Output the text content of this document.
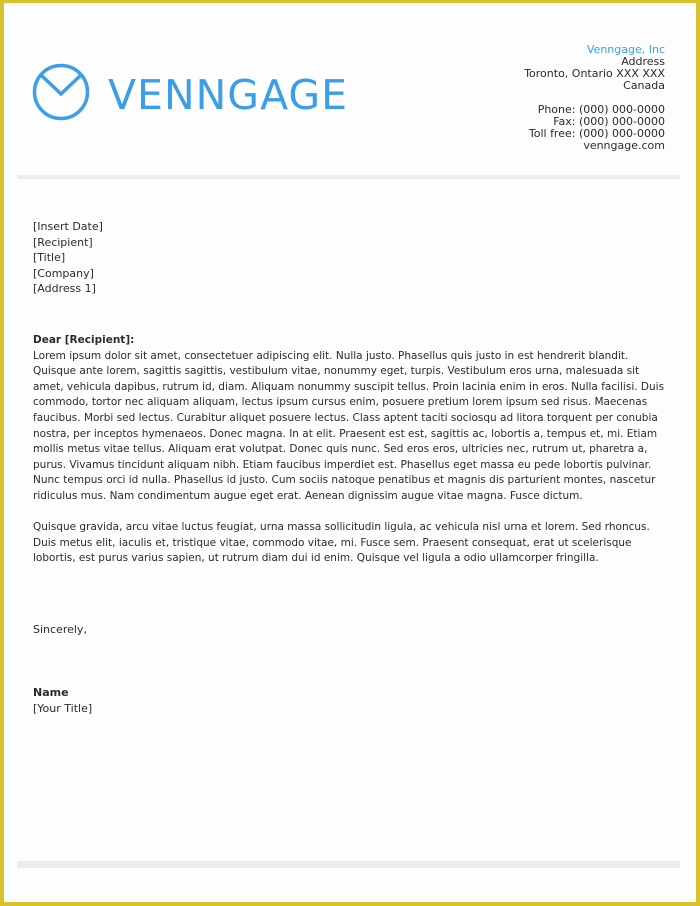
VENNGAGE
Venngage, Inc
Address
Toronto, Ontario XXX XXX
Canada
Phone: (000) 000-0000
Fax: (000) 000-0000
Toll free: (000) 000-0000
venngage.com
[Insert Date]
[Recipient]
[Title]
[Company]
[Address 1]
Dear [Recipient]:

Lorem ipsum dolor sit amet, consectetuer adipiscing elit. Nulla justo. Phasellus quis justo in est hendrerit blandit. Quisque ante lorem, sagittis sagittis, vestibulum vitae, nonummy eget, turpis. Vestibulum eros urna, malesuada sit amet, vehicula dapibus, rutrum id, diam. Aliquam nonummy suscipit tellus. Proin lacinia enim in eros. Nulla facilisi. Duis commodo, tortor nec aliquam aliquam, lectus ipsum cursus enim, posuere pretium lorem ipsum sed risus. Maecenas faucibus. Morbi sed lectus. Curabitur aliquet posuere lectus. Class aptent taciti sociosqu ad litora torquent per conubia nostra, per inceptos hymenaeos. Donec magna. In at elit. Praesent est est, sagittis ac, lobortis a, tempus et, mi. Etiam mollis metus vitae tellus. Aliquam erat volutpat. Donec quis nunc. Sed eros eros, ultricies nec, rutrum ut, pharetra a, purus. Vivamus tincidunt aliquam nibh. Etiam faucibus imperdiet est. Phasellus eget massa eu pede lobortis pulvinar. Nunc tempus orci id nulla. Phasellus id justo. Cum sociis natoque penatibus et magnis dis parturient montes, nascetur ridiculus mus. Nam condimentum augue eget erat. Aenean dignissim augue vitae magna. Fusce dictum.

Quisque gravida, arcu vitae luctus feugiat, urna massa sollicitudin ligula, ac vehicula nisl urna et lorem. Sed rhoncus. Duis metus elit, iaculis et, tristique vitae, commodo vitae, mi. Fusce sem. Praesent consequat, erat ut scelerisque lobortis, est purus varius sapien, ut rutrum diam dui id enim. Quisque vel ligula a odio ullamcorper fringilla.

Sincerely,
Name
[Your Title]
